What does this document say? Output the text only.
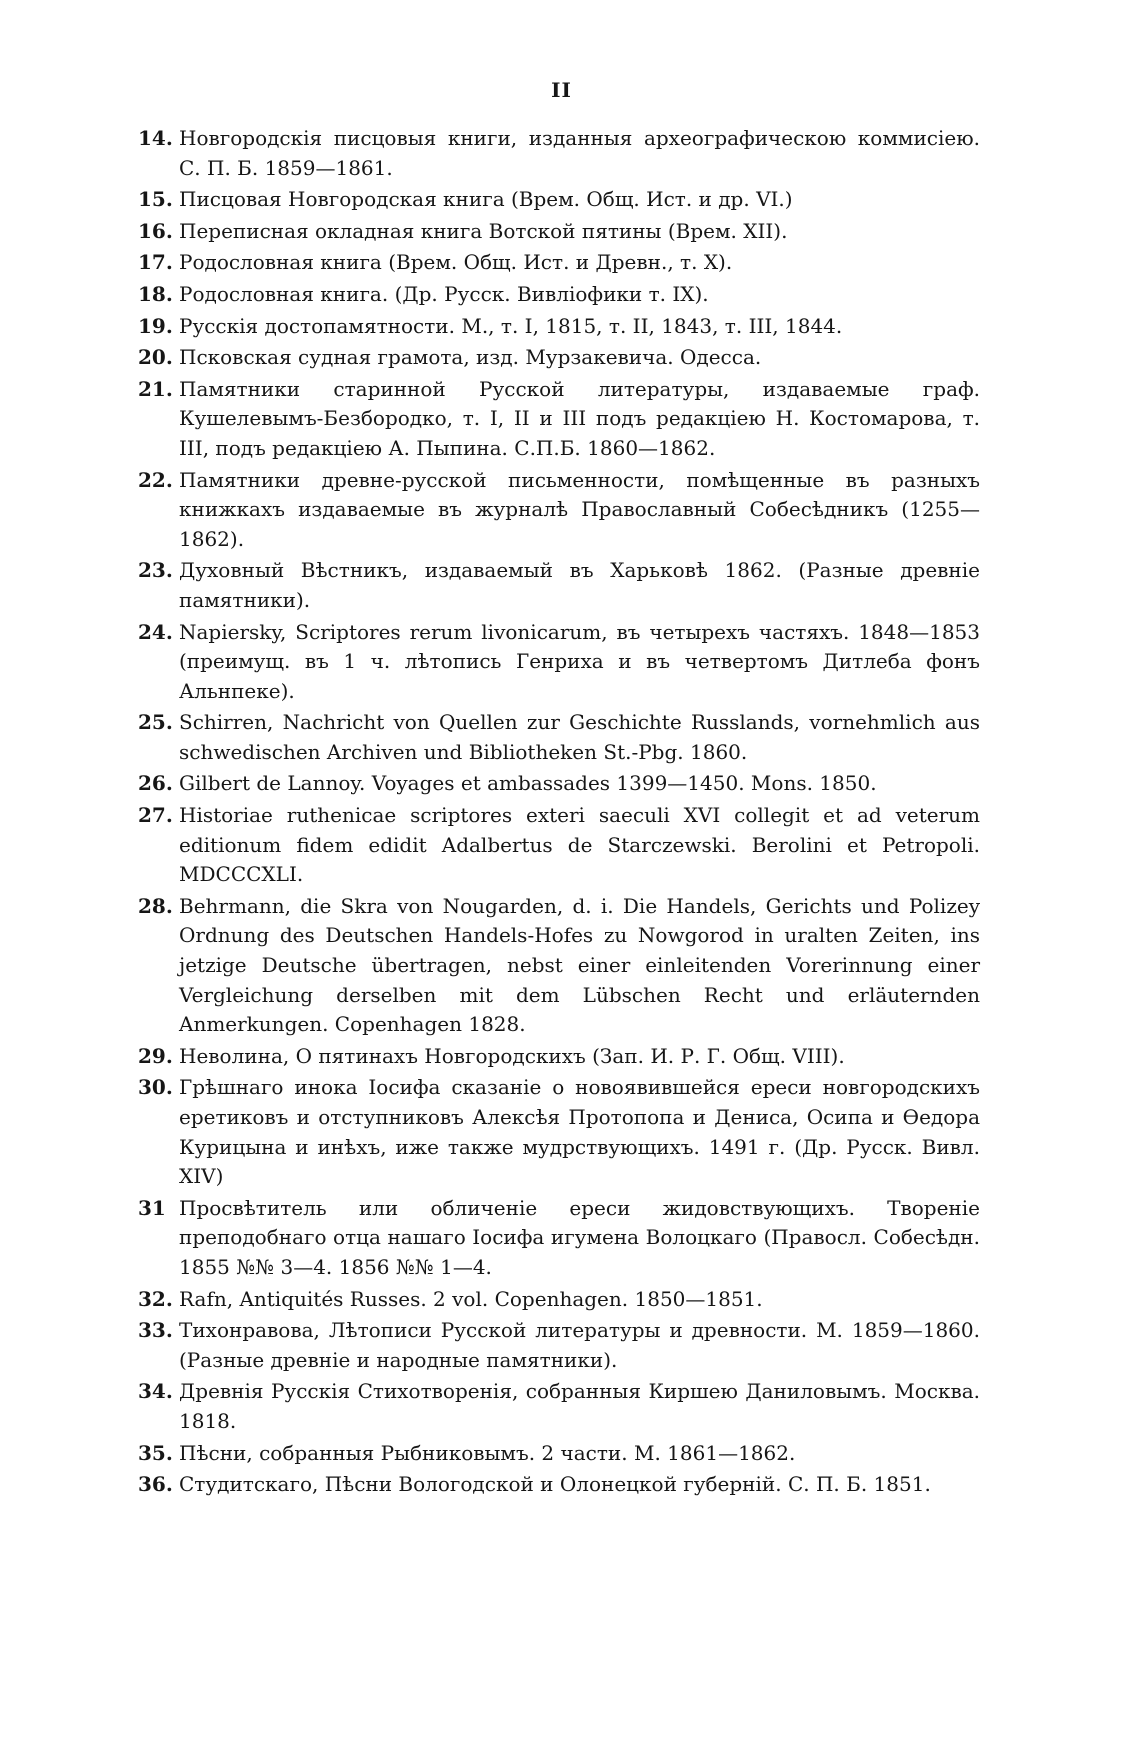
II
14. Новгородскія писцовыя книги, изданныя археографическою коммисіею. С. П. Б. 1859—1861.
15. Писцовая Новгородская книга (Врем. Общ. Ист. и др. VI.)
16. Переписная окладная книга Вотской пятины (Врем. XII).
17. Родословная книга (Врем. Общ. Ист. и Древн., т. X).
18. Родословная книга. (Др. Русск. Вивліофики т. IX).
19. Русскія достопамятности. М., т. I, 1815, т. II, 1843, т. III, 1844.
20. Псковская судная грамота, изд. Мурзакевича. Одесса.
21. Памятники старинной Русской литературы, издаваемые граф. Кушелевымъ-Безбородко, т. I, II и III подъ редакціею Н. Костомарова, т. III, подъ редакціею А. Пыпина. С.П.Б. 1860—1862.
22. Памятники древне-русской письменности, помѣщенные въ разныхъ книжкахъ издаваемые въ журналѣ Православный Собесѣдникъ (1255—1862).
23. Духовный Вѣстникъ, издаваемый въ Харьковѣ 1862. (Разные древніе памятники).
24. Napiersky, Scriptores rerum livonicarum, въ четырехъ частяхъ. 1848—1853 (преимущ. въ 1 ч. лѣтопись Генриха и въ четвертомъ Дитлеба фонъ Альнпеке).
25. Schirren, Nachricht von Quellen zur Geschichte Russlands, vornehmlich aus schwedischen Archiven und Bibliotheken St.-Pbg. 1860.
26. Gilbert de Lannoy. Voyages et ambassades 1399—1450. Mons. 1850.
27. Historiae ruthenicae scriptores exteri saeculi XVI collegit et ad veterum editionum fidem edidit Adalbertus de Starczewski. Berolini et Petropoli. MDCCCXLI.
28. Behrmann, die Skra von Nougarden, d. i. Die Handels, Gerichts und Polizey Ordnung des Deutschen Handels-Hofes zu Nowgorod in uralten Zeiten, ins jetzige Deutsche übertragen, nebst einer einleitenden Vorerinnung einer Vergleichung derselben mit dem Lübschen Recht und erläuternden Anmerkungen. Copenhagen 1828.
29. Неволина, О пятинахъ Новгородскихъ (Зап. И. Р. Г. Общ. VIII).
30. Грѣшнаго инока Іосифа сказаніе о новоявившейся ереси новгородскихъ еретиковъ и отступниковъ Алексѣя Протопопа и Дениса, Осипа и Ѳедора Курицына и инѣхъ, иже также мудрствующихъ. 1491 г. (Др. Русск. Вивл. XIV)
31 Просвѣтитель или обличеніе ереси жидовствующихъ. Твореніе преподобнаго отца нашаго Іосифа игумена Волоцкаго (Правосл. Собесѣдн. 1855 №№ 3—4. 1856 №№ 1—4.
32. Rafn, Antiquités Russes. 2 vol. Copenhagen. 1850—1851.
33. Тихонравова, Лѣтописи Русской литературы и древности. М. 1859—1860. (Разные древніе и народные памятники).
34. Древнія Русскія Стихотворенія, собранныя Киршею Даниловымъ. Москва. 1818.
35. Пѣсни, собранныя Рыбниковымъ. 2 части. М. 1861—1862.
36. Студитскаго, Пѣсни Вологодской и Олонецкой губерній. С. П. Б. 1851.
